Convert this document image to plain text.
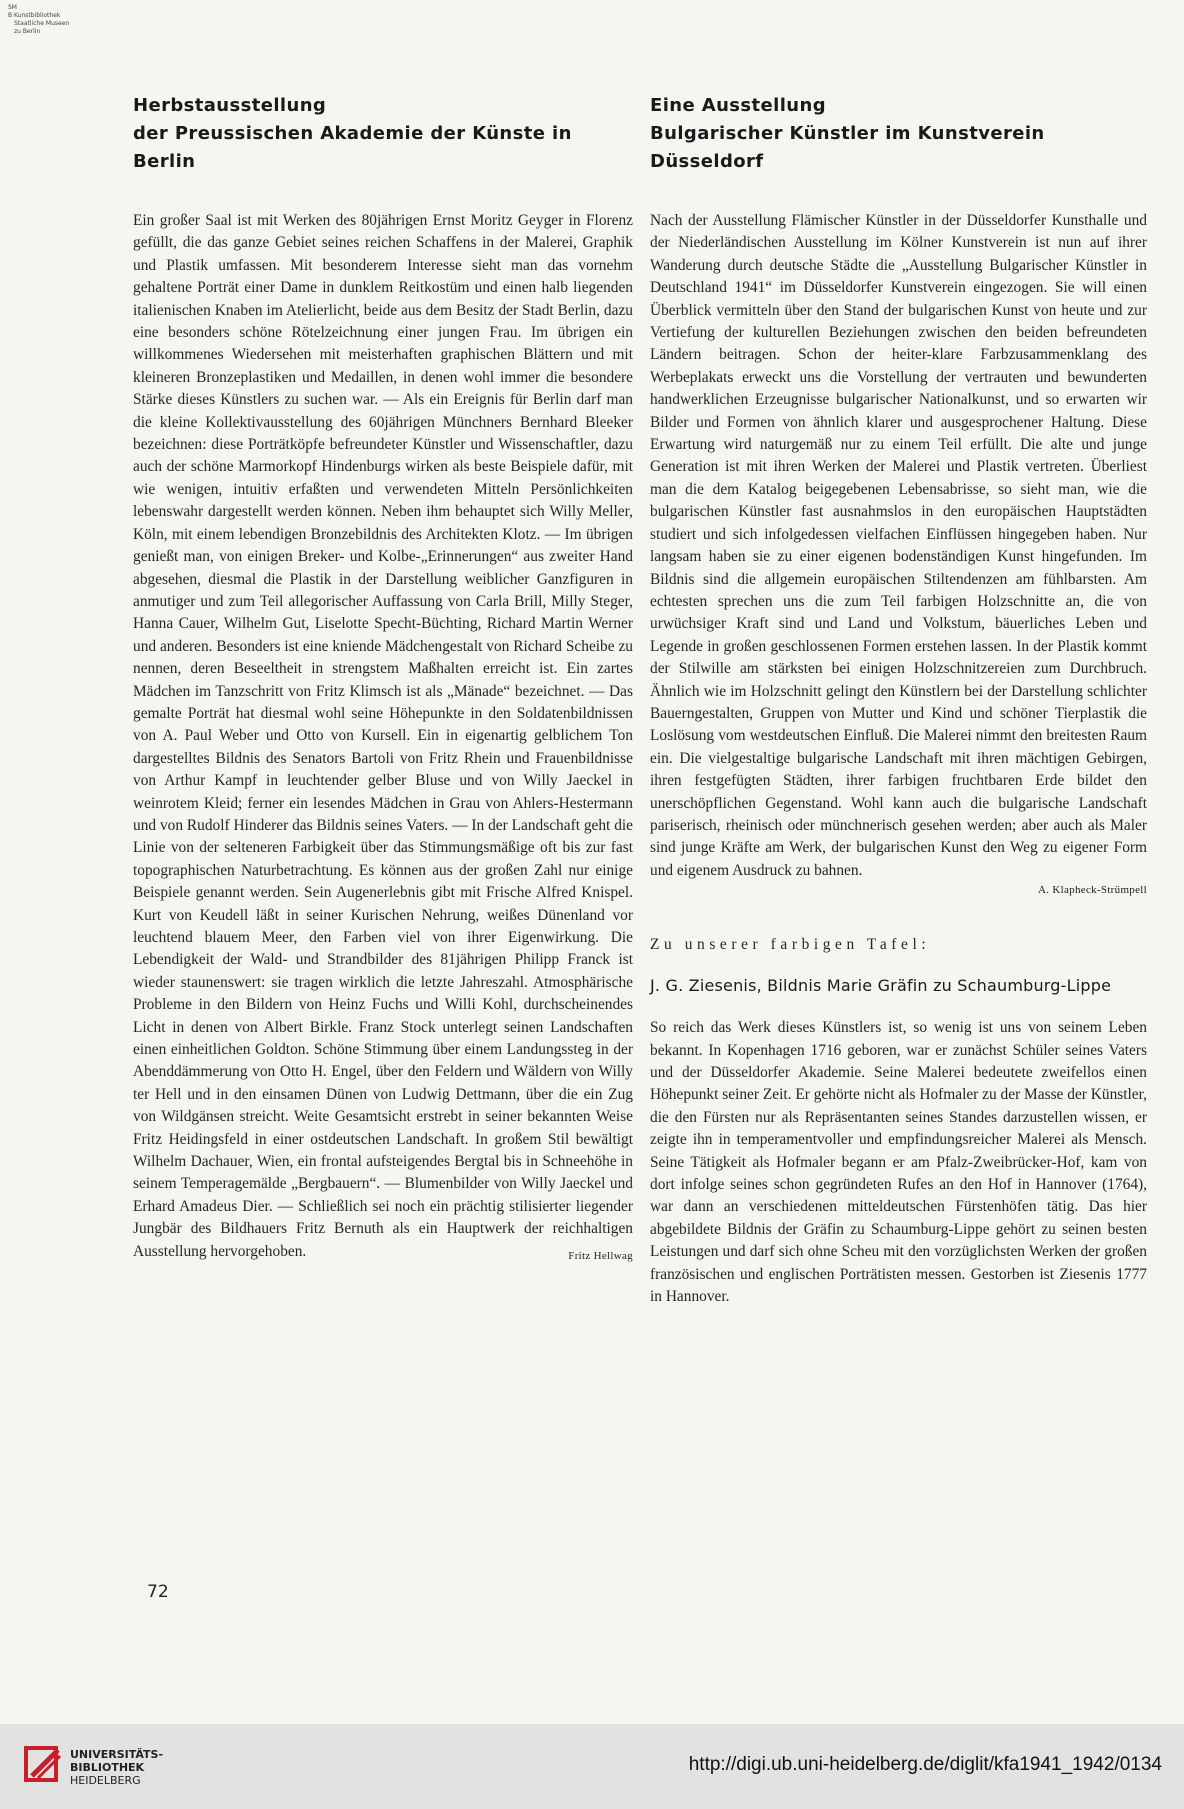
SM
B Kunstbibliothek
Staatliche Museen
zu Berlin
Herbstausstellung
der Preussischen Akademie der Künste in Berlin
Ein großer Saal ist mit Werken des 80jährigen Ernst Moritz Geyger in Florenz gefüllt, die das ganze Gebiet seines reichen Schaffens in der Malerei, Graphik und Plastik umfassen. Mit besonderem Interesse sieht man das vornehm gehaltene Porträt einer Dame in dunklem Reitkostüm und einen halb liegenden italienischen Knaben im Atelierlicht, beide aus dem Besitz der Stadt Berlin, dazu eine besonders schöne Rötelzeichnung einer jungen Frau. Im übrigen ein willkommenes Wiedersehen mit meisterhaften graphischen Blättern und mit kleineren Bronzeplastiken und Medaillen, in denen wohl immer die besondere Stärke dieses Künstlers zu suchen war. — Als ein Ereignis für Berlin darf man die kleine Kollektivausstellung des 60jährigen Münchners Bernhard Bleeker bezeichnen: diese Porträtköpfe befreundeter Künstler und Wissenschaftler, dazu auch der schöne Marmorkopf Hindenburgs wirken als beste Beispiele dafür, mit wie wenigen, intuitiv erfaßten und verwendeten Mitteln Persönlichkeiten lebenswahr dargestellt werden können. Neben ihm behauptet sich Willy Meller, Köln, mit einem lebendigen Bronzebildnis des Architekten Klotz. — Im übrigen genießt man, von einigen Breker- und Kolbe-„Erinnerungen“ aus zweiter Hand abgesehen, diesmal die Plastik in der Darstellung weiblicher Ganzfiguren in anmutiger und zum Teil allegorischer Auffassung von Carla Brill, Milly Steger, Hanna Cauer, Wilhelm Gut, Liselotte Specht-Büchting, Richard Martin Werner und anderen. Besonders ist eine kniende Mädchengestalt von Richard Scheibe zu nennen, deren Beseeltheit in strengstem Maßhalten erreicht ist. Ein zartes Mädchen im Tanzschritt von Fritz Klimsch ist als „Mänade“ bezeichnet. — Das gemalte Porträt hat diesmal wohl seine Höhepunkte in den Soldatenbildnissen von A. Paul Weber und Otto von Kursell. Ein in eigenartig gelblichem Ton dargestelltes Bildnis des Senators Bartoli von Fritz Rhein und Frauenbildnisse von Arthur Kampf in leuchtender gelber Bluse und von Willy Jaeckel in weinrotem Kleid; ferner ein lesendes Mädchen in Grau von Ahlers-Hestermann und von Rudolf Hinderer das Bildnis seines Vaters. — In der Landschaft geht die Linie von der selteneren Farbigkeit über das Stimmungsmäßige oft bis zur fast topographischen Naturbetrachtung. Es können aus der großen Zahl nur einige Beispiele genannt werden. Sein Augenerlebnis gibt mit Frische Alfred Knispel. Kurt von Keudell läßt in seiner Kurischen Nehrung, weißes Dünenland vor leuchtend blauem Meer, den Farben viel von ihrer Eigenwirkung. Die Lebendigkeit der Wald- und Strandbilder des 81jährigen Philipp Franck ist wieder staunenswert: sie tragen wirklich die letzte Jahreszahl. Atmosphärische Probleme in den Bildern von Heinz Fuchs und Willi Kohl, durchscheinendes Licht in denen von Albert Birkle. Franz Stock unterlegt seinen Landschaften einen einheitlichen Goldton. Schöne Stimmung über einem Landungssteg in der Abenddämmerung von Otto H. Engel, über den Feldern und Wäldern von Willy ter Hell und in den einsamen Dünen von Ludwig Dettmann, über die ein Zug von Wildgänsen streicht. Weite Gesamtsicht erstrebt in seiner bekannten Weise Fritz Heidingsfeld in einer ostdeutschen Landschaft. In großem Stil bewältigt Wilhelm Dachauer, Wien, ein frontal aufsteigendes Bergtal bis in Schneehöhe in seinem Temperagemälde „Bergbauern“. — Blumenbilder von Willy Jaeckel und Erhard Amadeus Dier. — Schließlich sei noch ein prächtig stilisierter liegender Jungbär des Bildhauers Fritz Bernuth als ein Hauptwerk der reichhaltigen Ausstellung hervorgehoben.	Fritz Hellwag
Eine Ausstellung
Bulgarischer Künstler im Kunstverein Düsseldorf
Nach der Ausstellung Flämischer Künstler in der Düsseldorfer Kunsthalle und der Niederländischen Ausstellung im Kölner Kunstverein ist nun auf ihrer Wanderung durch deutsche Städte die „Ausstellung Bulgarischer Künstler in Deutschland 1941“ im Düsseldorfer Kunstverein eingezogen. Sie will einen Überblick vermitteln über den Stand der bulgarischen Kunst von heute und zur Vertiefung der kulturellen Beziehungen zwischen den beiden befreundeten Ländern beitragen. Schon der heiter-klare Farbzusammenklang des Werbeplakats erweckt uns die Vorstellung der vertrauten und bewunderten handwerklichen Erzeugnisse bulgarischer Nationalkunst, und so erwarten wir Bilder und Formen von ähnlich klarer und ausgesprochener Haltung. Diese Erwartung wird naturgemäß nur zu einem Teil erfüllt. Die alte und junge Generation ist mit ihren Werken der Malerei und Plastik vertreten. Überliest man die dem Katalog beigegebenen Lebensabrisse, so sieht man, wie die bulgarischen Künstler fast ausnahmslos in den europäischen Hauptstädten studiert und sich infolgedessen vielfachen Einflüssen hingegeben haben. Nur langsam haben sie zu einer eigenen bodenständigen Kunst hingefunden. Im Bildnis sind die allgemein europäischen Stiltendenzen am fühlbarsten. Am echtesten sprechen uns die zum Teil farbigen Holzschnitte an, die von urwüchsiger Kraft sind und Land und Volkstum, bäuerliches Leben und Legende in großen geschlossenen Formen erstehen lassen. In der Plastik kommt der Stilwille am stärksten bei einigen Holzschnitzereien zum Durchbruch. Ähnlich wie im Holzschnitt gelingt den Künstlern bei der Darstellung schlichter Bauerngestalten, Gruppen von Mutter und Kind und schöner Tierplastik die Loslösung vom westdeutschen Einfluß. Die Malerei nimmt den breitesten Raum ein. Die vielgestaltige bulgarische Landschaft mit ihren mächtigen Gebirgen, ihren festgefügten Städten, ihrer farbigen fruchtbaren Erde bildet den unerschöpflichen Gegenstand. Wohl kann auch die bulgarische Landschaft pariserisch, rheinisch oder münchnerisch gesehen werden; aber auch als Maler sind junge Kräfte am Werk, der bulgarischen Kunst den Weg zu eigener Form und eigenem Ausdruck zu bahnen.
A. Klapheck-Strümpell
Zu unserer farbigen Tafel:
J. G. Ziesenis, Bildnis Marie Gräfin zu Schaumburg-Lippe
So reich das Werk dieses Künstlers ist, so wenig ist uns von seinem Leben bekannt. In Kopenhagen 1716 geboren, war er zunächst Schüler seines Vaters und der Düsseldorfer Akademie. Seine Malerei bedeutete zweifellos einen Höhepunkt seiner Zeit. Er gehörte nicht als Hofmaler zu der Masse der Künstler, die den Fürsten nur als Repräsentanten seines Standes darzustellen wissen, er zeigte ihn in temperamentvoller und empfindungsreicher Malerei als Mensch. Seine Tätigkeit als Hofmaler begann er am Pfalz-Zweibrücker-Hof, kam von dort infolge seines schon gegründeten Rufes an den Hof in Hannover (1764), war dann an verschiedenen mitteldeutschen Fürstenhöfen tätig. Das hier abgebildete Bildnis der Gräfin zu Schaumburg-Lippe gehört zu seinen besten Leistungen und darf sich ohne Scheu mit den vorzüglichsten Werken der großen französischen und englischen Porträtisten messen. Gestorben ist Ziesenis 1777 in Hannover.
72
UNIVERSITÄTS-
BIBLIOTHEK
HEIDELBERG
http://digi.ub.uni-heidelberg.de/diglit/kfa1941_1942/0134
